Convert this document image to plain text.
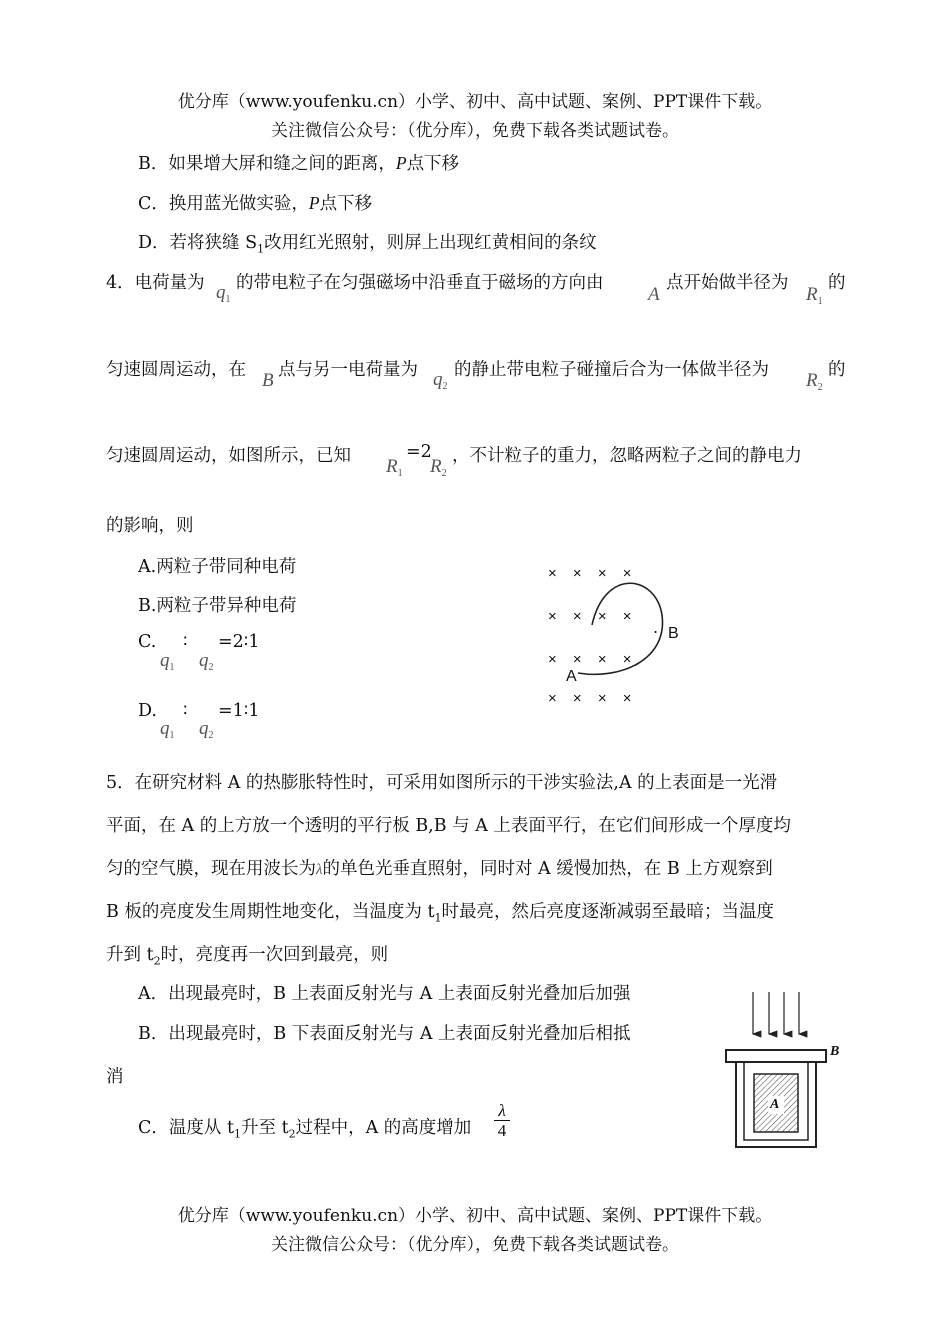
优分库（www.youfenku.cn）小学、初中、高中试题、案例、PPT课件下载。
关注微信公众号：（优分库），免费下载各类试题试卷。
B．如果增大屏和缝之间的距离，P点下移
C．换用蓝光做实验，P点下移
D．若将狭缝 $S_1$改用红光照射，则屏上出现红黄相间的条纹
4．电荷量为 $q_1$
的带电粒子在匀强磁场中沿垂直于磁场的方向由
A
点开始做半径为
$R_1$
的
匀速圆周运动，在 B 点与另一电荷量为 $q_2$
的静止带电粒子碰撞后合为一体做半径为 $R_2$
的
匀速圆周运动，如图所示，已知 $R_1$
=2
$R_2$
，不计粒子的重力，忽略两粒子之间的静电力
的影响，则
A.两粒子带同种电荷
B.两粒子带异种电荷
C.
$q_1$
∶
$q_2$
=2∶1
D.
$q_1$
∶
$q_2$
=1∶1
× × × ×
× × × ×
× × × ×
× × × ×
. B
A
5．在研究材料 A 的热膨胀特性时，可采用如图所示的干涉实验法,A 的上表面是一光滑
平面，在 A 的上方放一个透明的平行板 B,B 与 A 上表面平行，在它们间形成一个厚度均
匀的空气膜，现在用波长为λ的单色光垂直照射，同时对 A 缓慢加热，在 B 上方观察到
B 板的亮度发生周期性地变化，当温度为 $t_1$时最亮，然后亮度逐渐减弱至最暗；当温度
升到 $t_2$时，亮度再一次回到最亮，则
A．出现最亮时，B 上表面反射光与 A 上表面反射光叠加后加强
B．出现最亮时，B 下表面反射光与 A 上表面反射光叠加后相抵
消
C．温度从 $t_1$升至 $t_2$过程中，A 的高度增加 $\frac{\lambda}{4}$
B
A
优分库（www.youfenku.cn）小学、初中、高中试题、案例、PPT课件下载。
关注微信公众号：（优分库），免费下载各类试题试卷。
